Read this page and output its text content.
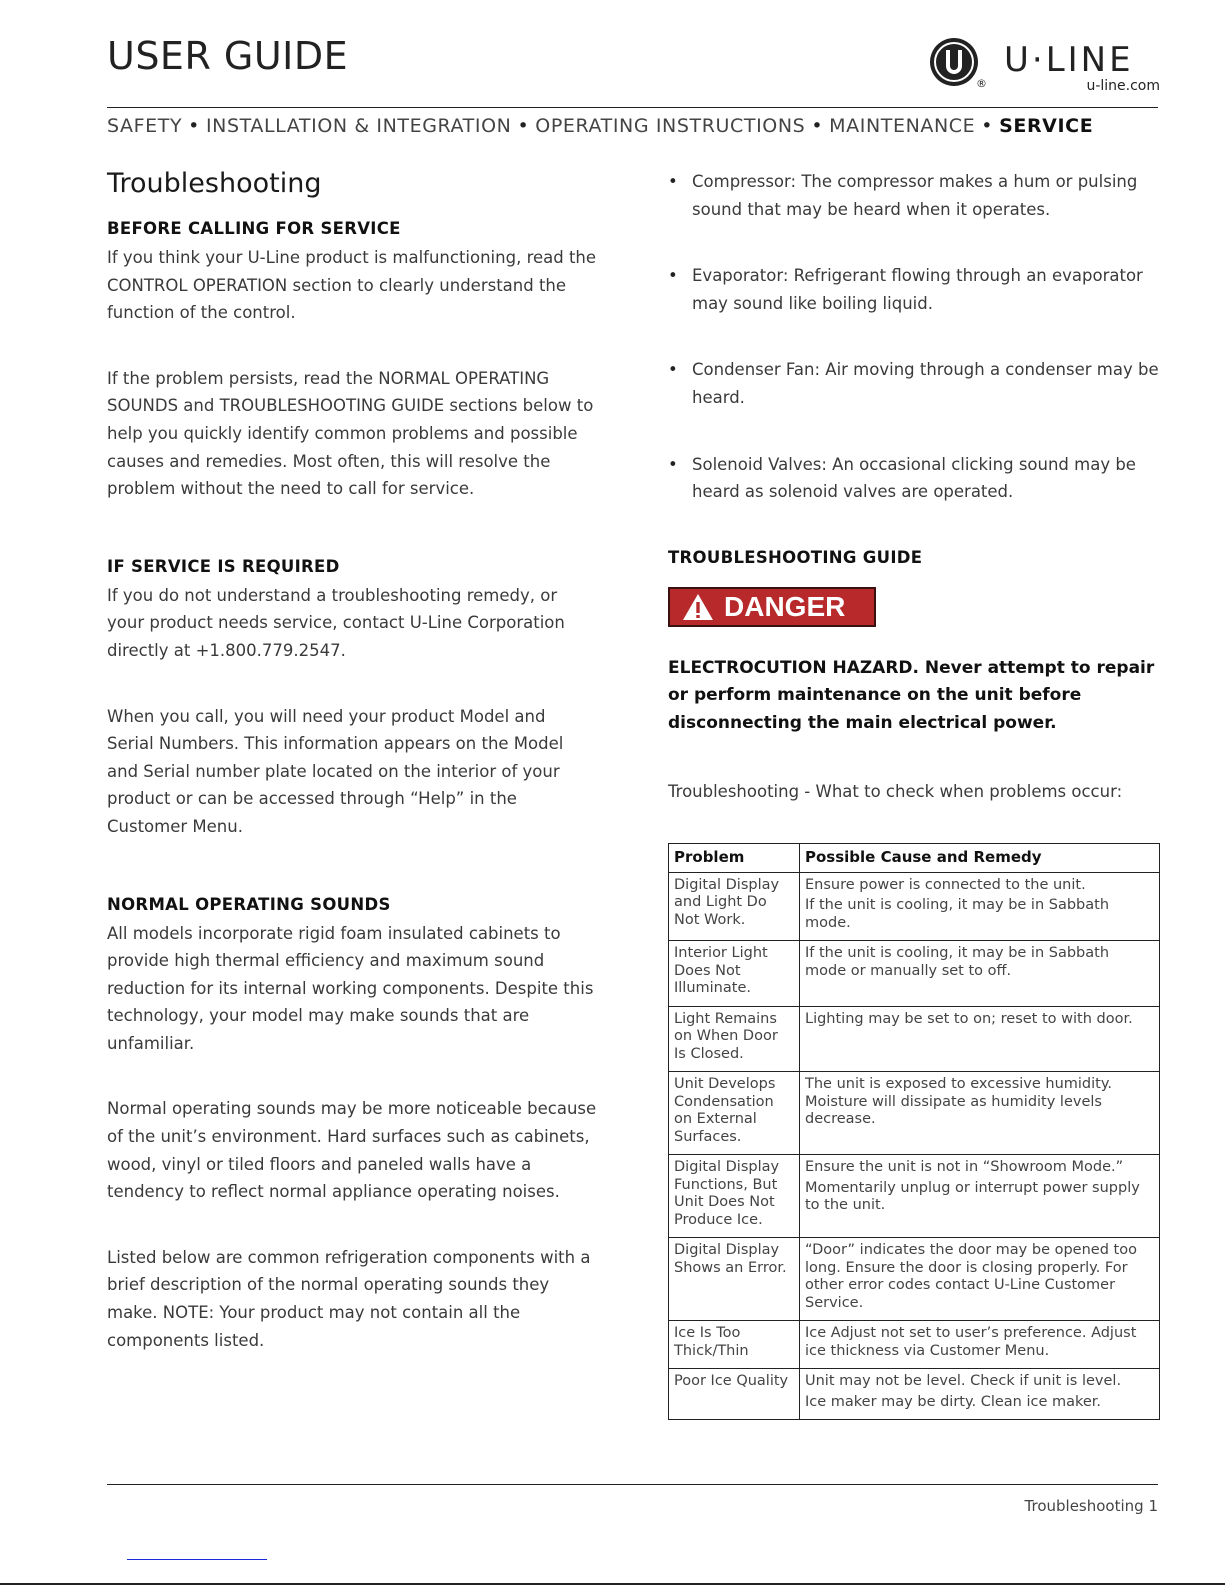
USER GUIDE
®
U·LINE
u-line.com
SAFETY • INSTALLATION & INTEGRATION • OPERATING INSTRUCTIONS • MAINTENANCE • SERVICE
Troubleshooting
BEFORE CALLING FOR SERVICE

If you think your U-Line product is malfunctioning, read the CONTROL OPERATION section to clearly understand the function of the control.

If the problem persists, read the NORMAL OPERATING SOUNDS and TROUBLESHOOTING GUIDE sections below to help you quickly identify common problems and possible causes and remedies. Most often, this will resolve the problem without the need to call for service.

IF SERVICE IS REQUIRED

If you do not understand a troubleshooting remedy, or your product needs service, contact U-Line Corporation directly at +1.800.779.2547.

When you call, you will need your product Model and Serial Numbers. This information appears on the Model and Serial number plate located on the interior of your product or can be accessed through “Help” in the Customer Menu.

NORMAL OPERATING SOUNDS

All models incorporate rigid foam insulated cabinets to provide high thermal efficiency and maximum sound reduction for its internal working components. Despite this technology, your model may make sounds that are unfamiliar.

Normal operating sounds may be more noticeable because of the unit’s environment. Hard surfaces such as cabinets, wood, vinyl or tiled floors and paneled walls have a tendency to reflect normal appliance operating noises.

Listed below are common refrigeration components with a brief description of the normal operating sounds they make. NOTE: Your product may not contain all the components listed.

• Compressor: The compressor makes a hum or pulsing sound that may be heard when it operates.
• Evaporator: Refrigerant flowing through an evaporator may sound like boiling liquid.
• Condenser Fan: Air moving through a condenser may be heard.
• Solenoid Valves: An occasional clicking sound may be heard as solenoid valves are operated.
TROUBLESHOOTING GUIDE
DANGER

ELECTROCUTION HAZARD. Never attempt to repair or perform maintenance on the unit before disconnecting the main electrical power.

Troubleshooting - What to check when problems occur:

Problem	Possible Cause and Remedy
Digital Display and Light Do Not Work.	Ensure power is connected to the unit.
If the unit is cooling, it may be in Sabbath mode.

Interior Light Does Not Illuminate.	If the unit is cooling, it may be in Sabbath mode or manually set to off.
Light Remains on When Door Is Closed.	Lighting may be set to on; reset to with door.
Unit Develops Condensation on External Surfaces.	The unit is exposed to excessive humidity. Moisture will dissipate as humidity levels decrease.
Digital Display Functions, But Unit Does Not Produce Ice.	Ensure the unit is not in “Showroom Mode.”
Momentarily unplug or interrupt power supply to the unit.

Digital Display Shows an Error.	“Door” indicates the door may be opened too long. Ensure the door is closing properly. For other error codes contact U-Line Customer Service.
Ice Is Too Thick/Thin	Ice Adjust not set to user’s preference. Adjust ice thickness via Customer Menu.
Poor Ice Quality	Unit may not be level. Check if unit is level.
Ice maker may be dirty. Clean ice maker.
Troubleshooting 1
